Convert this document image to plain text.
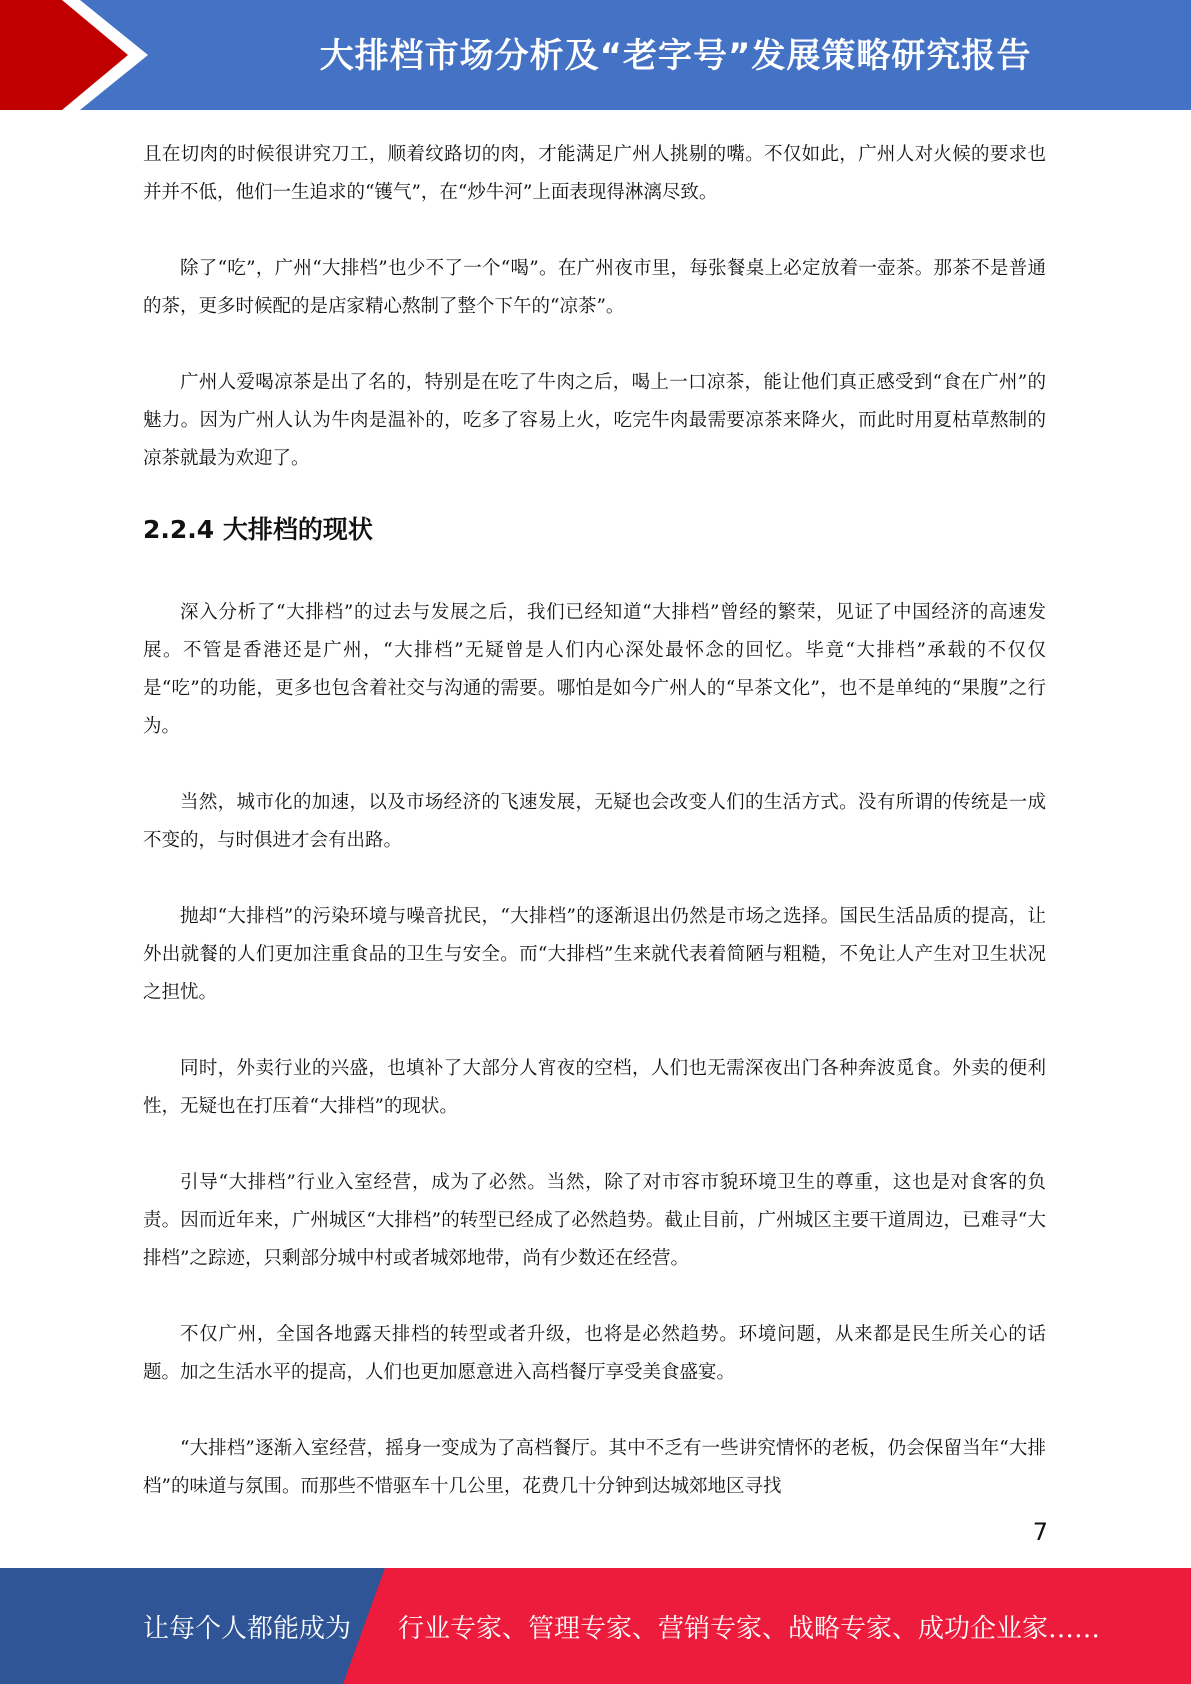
大排档市场分析及“老字号”发展策略研究报告

且在切肉的时候很讲究刀工，顺着纹路切的肉，才能满足广州人挑剔的嘴。不仅如此，广州人对火候的要求也并并不低，他们一生追求的“镬气”，在“炒牛河”上面表现得淋漓尽致。

除了“吃”，广州“大排档”也少不了一个“喝”。在广州夜市里，每张餐桌上必定放着一壶茶。那茶不是普通的茶，更多时候配的是店家精心熬制了整个下午的“凉茶”。

广州人爱喝凉茶是出了名的，特别是在吃了牛肉之后，喝上一口凉茶，能让他们真正感受到“食在广州”的魅力。因为广州人认为牛肉是温补的，吃多了容易上火，吃完牛肉最需要凉茶来降火，而此时用夏枯草熬制的凉茶就最为欢迎了。

2.2.4 大排档的现状

深入分析了“大排档”的过去与发展之后，我们已经知道“大排档”曾经的繁荣，见证了中国经济的高速发展。不管是香港还是广州，“大排档”无疑曾是人们内心深处最怀念的回忆。毕竟“大排档”承载的不仅仅是“吃”的功能，更多也包含着社交与沟通的需要。哪怕是如今广州人的“早茶文化”，也不是单纯的“果腹”之行为。

当然，城市化的加速，以及市场经济的飞速发展，无疑也会改变人们的生活方式。没有所谓的传统是一成不变的，与时俱进才会有出路。

抛却“大排档”的污染环境与噪音扰民，“大排档”的逐渐退出仍然是市场之选择。国民生活品质的提高，让外出就餐的人们更加注重食品的卫生与安全。而“大排档”生来就代表着简陋与粗糙，不免让人产生对卫生状况之担忧。

同时，外卖行业的兴盛，也填补了大部分人宵夜的空档，人们也无需深夜出门各种奔波觅食。外卖的便利性，无疑也在打压着“大排档”的现状。

引导“大排档”行业入室经营，成为了必然。当然，除了对市容市貌环境卫生的尊重，这也是对食客的负责。因而近年来，广州城区“大排档”的转型已经成了必然趋势。截止目前，广州城区主要干道周边，已难寻“大排档”之踪迹，只剩部分城中村或者城郊地带，尚有少数还在经营。

不仅广州，全国各地露天排档的转型或者升级，也将是必然趋势。环境问题，从来都是民生所关心的话题。加之生活水平的提高，人们也更加愿意进入高档餐厅享受美食盛宴。

“大排档”逐渐入室经营，摇身一变成为了高档餐厅。其中不乏有一些讲究情怀的老板，仍会保留当年“大排档”的味道与氛围。而那些不惜驱车十几公里，花费几十分钟到达城郊地区寻找

7
让每个人都能成为 行业专家、管理专家、营销专家、战略专家、成功企业家……
